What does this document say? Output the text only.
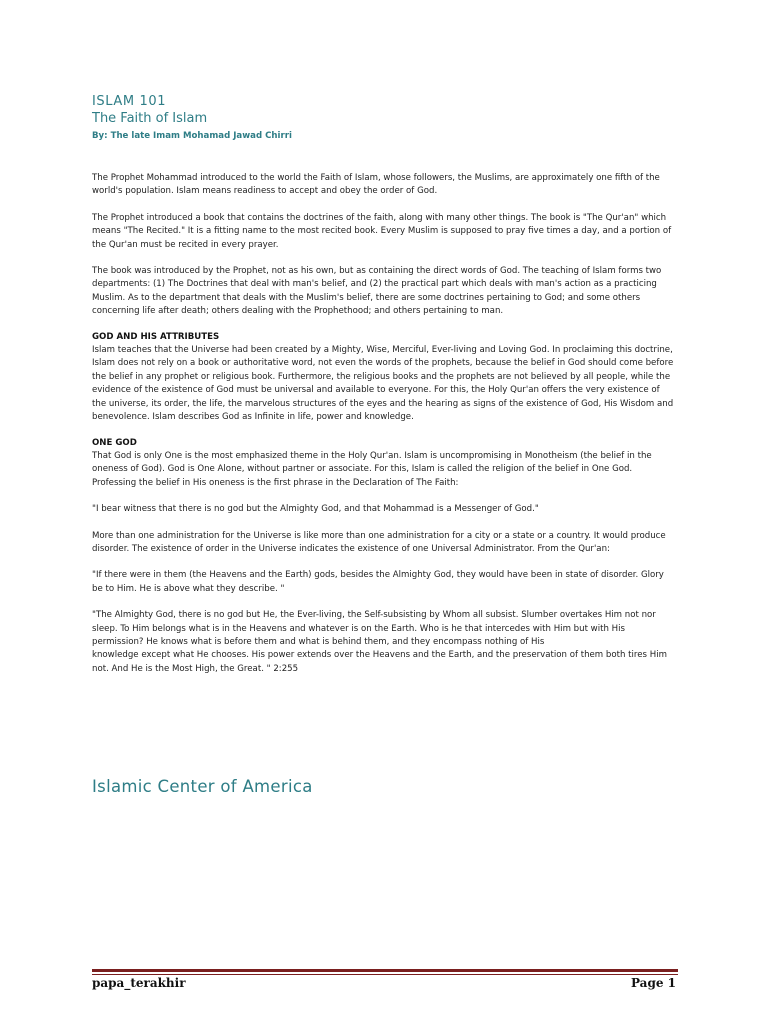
ISLAM 101

The Faith of Islam

By: The late Imam Mohamad Jawad Chirri

The Prophet Mohammad introduced to the world the Faith of Islam, whose followers, the Muslims, are approximately one fifth of the world's population. Islam means readiness to accept and obey the order of God.

The Prophet introduced a book that contains the doctrines of the faith, along with many other things. The book is "The Qur'an" which means "The Recited." It is a fitting name to the most recited book. Every Muslim is supposed to pray five times a day, and a portion of the Qur'an must be recited in every prayer.

The book was introduced by the Prophet, not as his own, but as containing the direct words of God. The teaching of Islam forms two departments: (1) The Doctrines that deal with man's belief, and (2) the practical part which deals with man's action as a practicing Muslim. As to the department that deals with the Muslim's belief, there are some doctrines pertaining to God; and some others concerning life after death; others dealing with the Prophethood; and others pertaining to man.

GOD AND HIS ATTRIBUTES

Islam teaches that the Universe had been created by a Mighty, Wise, Merciful, Ever-living and Loving God. In proclaiming this doctrine, Islam does not rely on a book or authoritative word, not even the words of the prophets, because the belief in God should come before the belief in any prophet or religious book. Furthermore, the religious books and the prophets are not believed by all people, while the evidence of the existence of God must be universal and available to everyone. For this, the Holy Qur'an offers the very existence of the universe, its order, the life, the marvelous structures of the eyes and the hearing as signs of the existence of God, His Wisdom and benevolence. Islam describes God as Infinite in life, power and knowledge.

ONE GOD

That God is only One is the most emphasized theme in the Holy Qur'an. Islam is uncompromising in Monotheism (the belief in the oneness of God). God is One Alone, without partner or associate. For this, Islam is called the religion of the belief in One God. Professing the belief in His oneness is the first phrase in the Declaration of The Faith:

"I bear witness that there is no god but the Almighty God, and that Mohammad is a Messenger of God."

More than one administration for the Universe is like more than one administration for a city or a state or a country. It would produce disorder. The existence of order in the Universe indicates the existence of one Universal Administrator. From the Qur'an:

"If there were in them (the Heavens and the Earth) gods, besides the Almighty God, they would have been in state of disorder. Glory be to Him. He is above what they describe. "

"The Almighty God, there is no god but He, the Ever-living, the Self-subsisting by Whom all subsist. Slumber overtakes Him not nor sleep. To Him belongs what is in the Heavens and whatever is on the Earth. Who is he that intercedes with Him but with His permission? He knows what is before them and what is behind them, and they encompass nothing of His

knowledge except what He chooses. His power extends over the Heavens and the Earth, and the preservation of them both tires Him not. And He is the Most High, the Great. " 2:255

Islamic Center of America

papa_terakhir	Page 1
